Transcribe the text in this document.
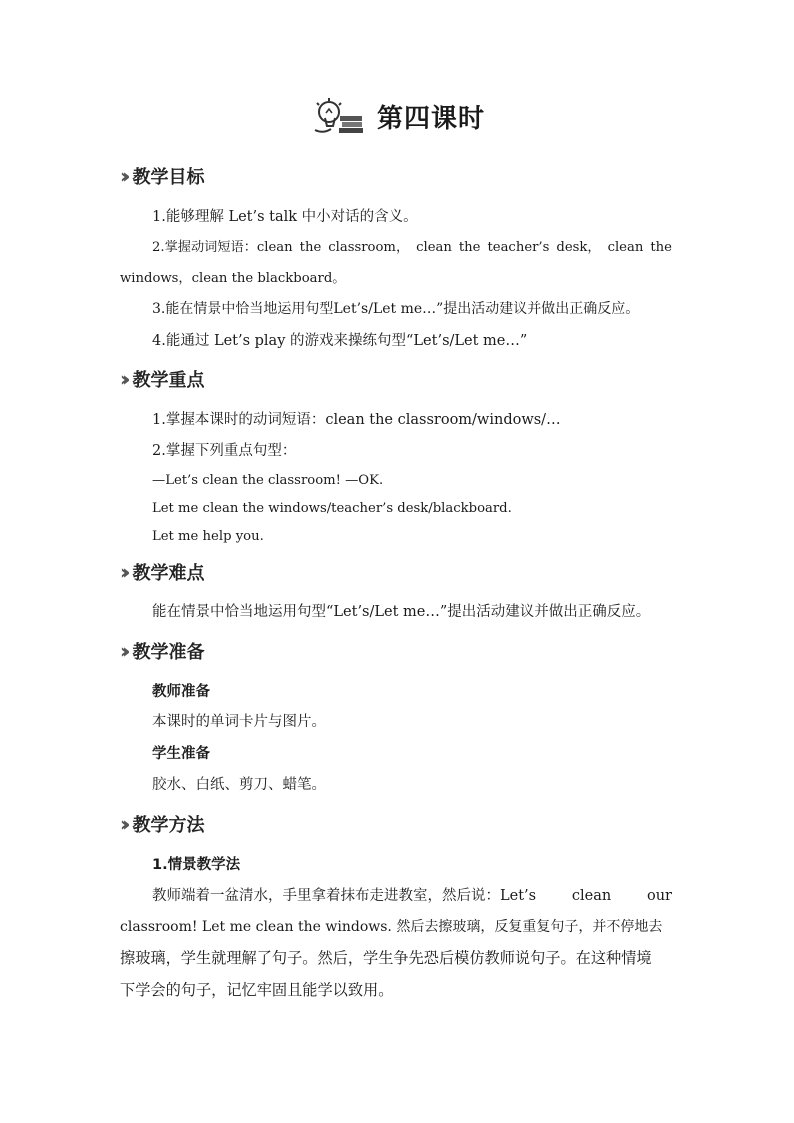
第四课时
›› 教学目标
1.能够理解 Let’s talk 中小对话的含义。
2.掌握动词短语：clean the classroom， clean the teacher’s desk， clean the
windows，clean the blackboard。
3.能在情景中恰当地运用句型Let’s/Let me…”提出活动建议并做出正确反应。
4.能通过 Let’s play 的游戏来操练句型“Let’s/Let me…”
›› 教学重点
1.掌握本课时的动词短语：clean the classroom/windows/…
2.掌握下列重点句型：
—Let’s clean the classroom! —OK.
Let me clean the windows/teacher’s desk/blackboard.
Let me help you.
›› 教学难点
能在情景中恰当地运用句型“Let’s/Let me…”提出活动建议并做出正确反应。
›› 教学准备
教师准备
本课时的单词卡片与图片。
学生准备
胶水、白纸、剪刀、蜡笔。
›› 教学方法
1.情景教学法
教师端着一盆清水，手里拿着抹布走进教室，然后说：Let’s clean our
classroom! Let me clean the windows. 然后去擦玻璃，反复重复句子，并不停地去
擦玻璃，学生就理解了句子。然后，学生争先恐后模仿教师说句子。在这种情境
下学会的句子，记忆牢固且能学以致用。
